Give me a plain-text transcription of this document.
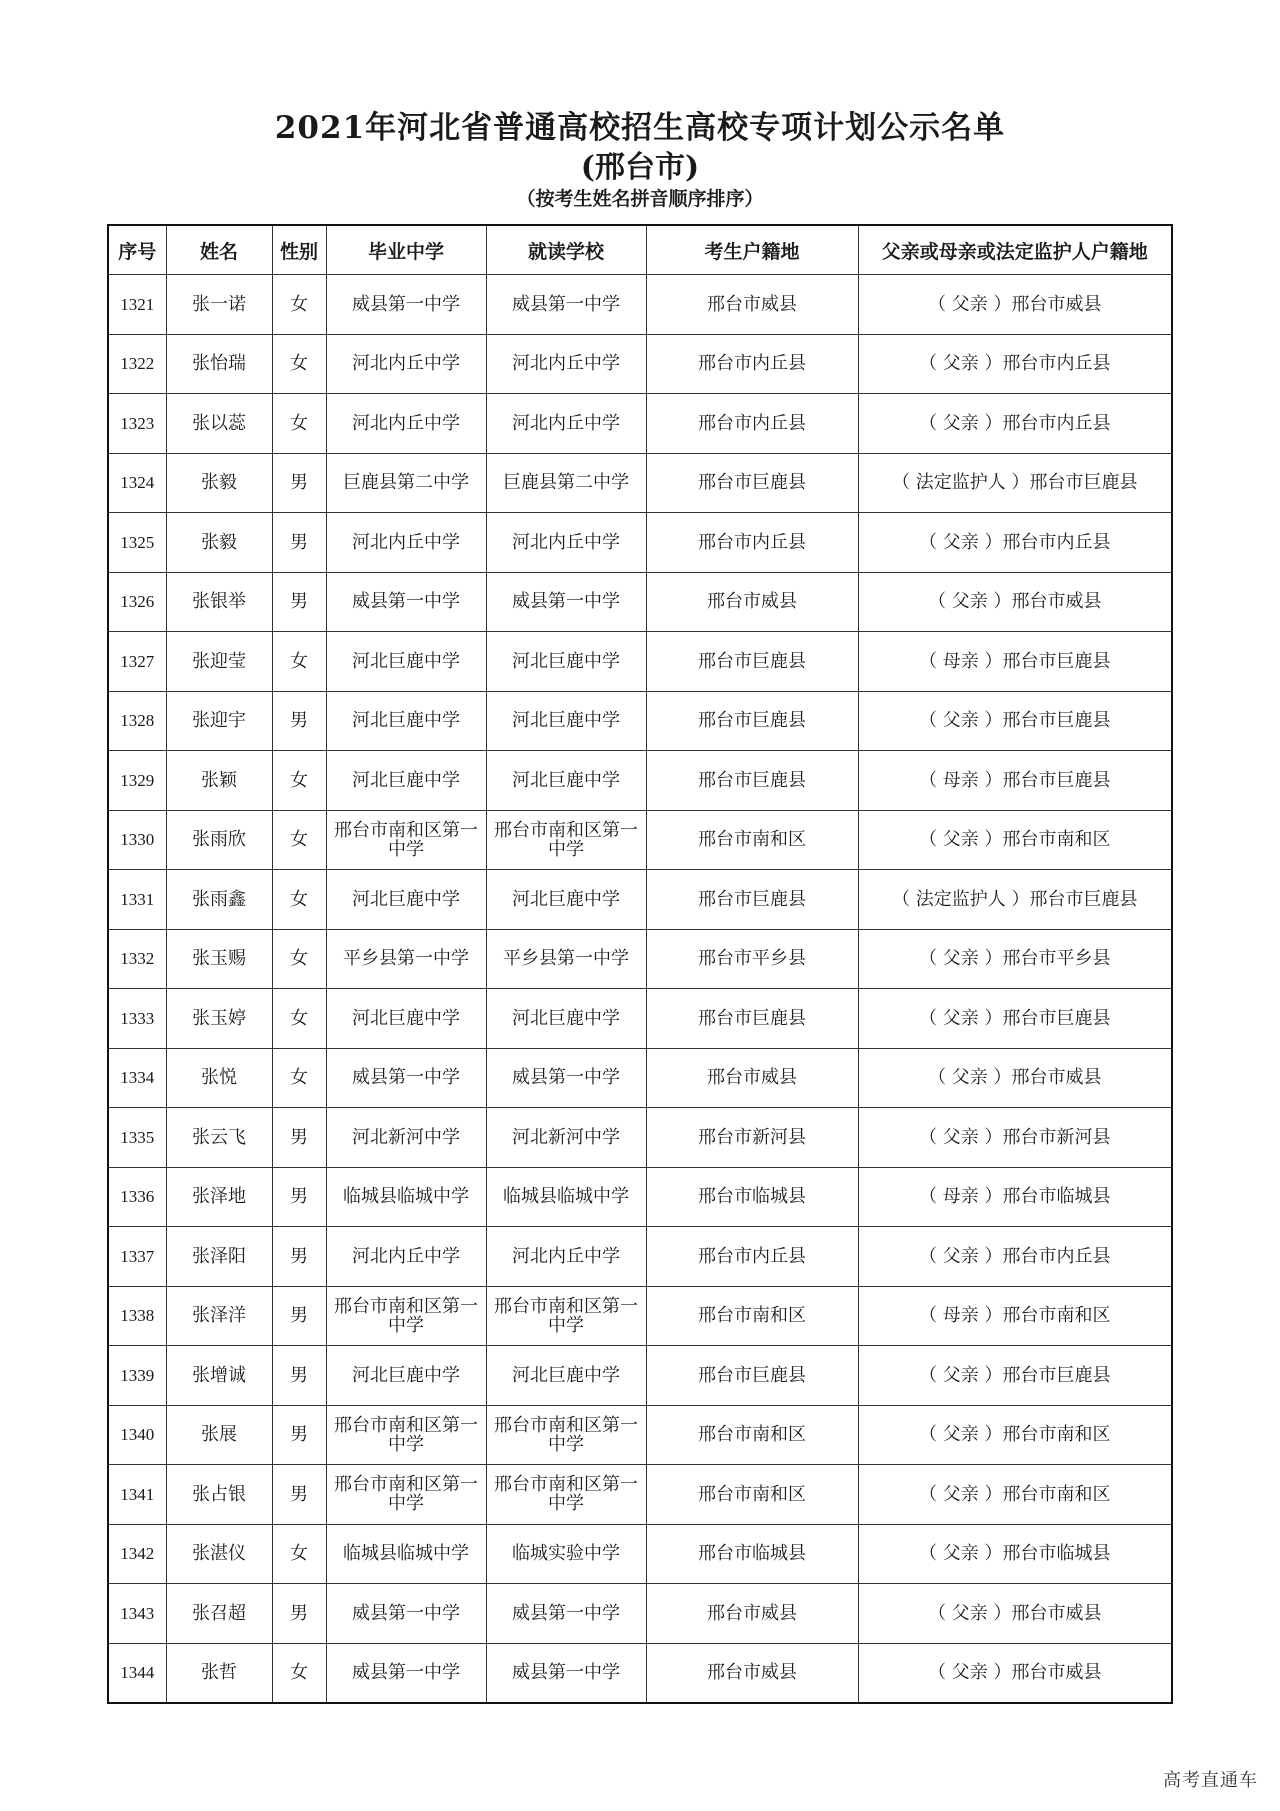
2021年河北省普通高校招生高校专项计划公示名单
(邢台市)
（按考生姓名拼音顺序排序）
序号	姓名	性别	毕业中学	就读学校	考生户籍地	父亲或母亲或法定监护人户籍地
1321	张一诺	女	威县第一中学	威县第一中学	邢台市威县	（ 父亲 ）邢台市威县
1322	张怡瑞	女	河北内丘中学	河北内丘中学	邢台市内丘县	（ 父亲 ）邢台市内丘县
1323	张以蕊	女	河北内丘中学	河北内丘中学	邢台市内丘县	（ 父亲 ）邢台市内丘县
1324	张毅	男	巨鹿县第二中学	巨鹿县第二中学	邢台市巨鹿县	（ 法定监护人 ）邢台市巨鹿县
1325	张毅	男	河北内丘中学	河北内丘中学	邢台市内丘县	（ 父亲 ）邢台市内丘县
1326	张银举	男	威县第一中学	威县第一中学	邢台市威县	（ 父亲 ）邢台市威县
1327	张迎莹	女	河北巨鹿中学	河北巨鹿中学	邢台市巨鹿县	（ 母亲 ）邢台市巨鹿县
1328	张迎宇	男	河北巨鹿中学	河北巨鹿中学	邢台市巨鹿县	（ 父亲 ）邢台市巨鹿县
1329	张颖	女	河北巨鹿中学	河北巨鹿中学	邢台市巨鹿县	（ 母亲 ）邢台市巨鹿县
1330	张雨欣	女	邢台市南和区第一中学	邢台市南和区第一中学	邢台市南和区	（ 父亲 ）邢台市南和区
1331	张雨鑫	女	河北巨鹿中学	河北巨鹿中学	邢台市巨鹿县	（ 法定监护人 ）邢台市巨鹿县
1332	张玉赐	女	平乡县第一中学	平乡县第一中学	邢台市平乡县	（ 父亲 ）邢台市平乡县
1333	张玉婷	女	河北巨鹿中学	河北巨鹿中学	邢台市巨鹿县	（ 父亲 ）邢台市巨鹿县
1334	张悦	女	威县第一中学	威县第一中学	邢台市威县	（ 父亲 ）邢台市威县
1335	张云飞	男	河北新河中学	河北新河中学	邢台市新河县	（ 父亲 ）邢台市新河县
1336	张泽地	男	临城县临城中学	临城县临城中学	邢台市临城县	（ 母亲 ）邢台市临城县
1337	张泽阳	男	河北内丘中学	河北内丘中学	邢台市内丘县	（ 父亲 ）邢台市内丘县
1338	张泽洋	男	邢台市南和区第一中学	邢台市南和区第一中学	邢台市南和区	（ 母亲 ）邢台市南和区
1339	张增诚	男	河北巨鹿中学	河北巨鹿中学	邢台市巨鹿县	（ 父亲 ）邢台市巨鹿县
1340	张展	男	邢台市南和区第一中学	邢台市南和区第一中学	邢台市南和区	（ 父亲 ）邢台市南和区
1341	张占银	男	邢台市南和区第一中学	邢台市南和区第一中学	邢台市南和区	（ 父亲 ）邢台市南和区
1342	张湛仪	女	临城县临城中学	临城实验中学	邢台市临城县	（ 父亲 ）邢台市临城县
1343	张召超	男	威县第一中学	威县第一中学	邢台市威县	（ 父亲 ）邢台市威县
1344	张哲	女	威县第一中学	威县第一中学	邢台市威县	（ 父亲 ）邢台市威县
高考直通车
